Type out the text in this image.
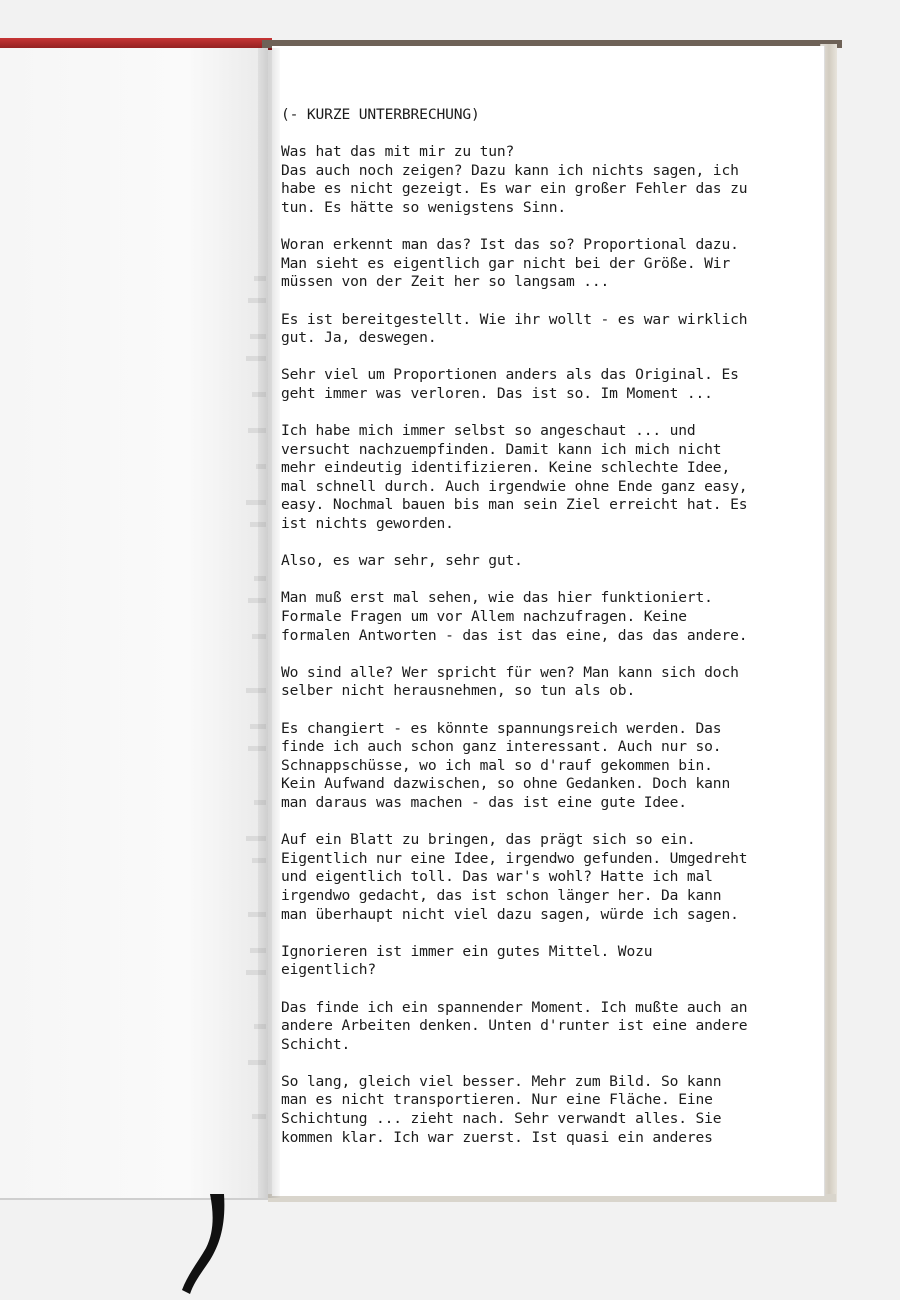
(- KURZE UNTERBRECHUNG)
Was hat das mit mir zu tun?
Das auch noch zeigen? Dazu kann ich nichts sagen, ich
habe es nicht gezeigt. Es war ein großer Fehler das zu
tun. Es hätte so wenigstens Sinn.
Woran erkennt man das? Ist das so? Proportional dazu.
Man sieht es eigentlich gar nicht bei der Größe. Wir
müssen von der Zeit her so langsam ...
Es ist bereitgestellt. Wie ihr wollt - es war wirklich
gut. Ja, deswegen.
Sehr viel um Proportionen anders als das Original. Es
geht immer was verloren. Das ist so. Im Moment ...
Ich habe mich immer selbst so angeschaut ... und
versucht nachzuempfinden. Damit kann ich mich nicht
mehr eindeutig identifizieren. Keine schlechte Idee,
mal schnell durch. Auch irgendwie ohne Ende ganz easy,
easy. Nochmal bauen bis man sein Ziel erreicht hat. Es
ist nichts geworden.
Also, es war sehr, sehr gut.
Man muß erst mal sehen, wie das hier funktioniert.
Formale Fragen um vor Allem nachzufragen. Keine
formalen Antworten - das ist das eine, das das andere.
Wo sind alle? Wer spricht für wen? Man kann sich doch
selber nicht herausnehmen, so tun als ob.
Es changiert - es könnte spannungsreich werden. Das
finde ich auch schon ganz interessant. Auch nur so.
Schnappschüsse, wo ich mal so d'rauf gekommen bin.
Kein Aufwand dazwischen, so ohne Gedanken. Doch kann
man daraus was machen - das ist eine gute Idee.
Auf ein Blatt zu bringen, das prägt sich so ein.
Eigentlich nur eine Idee, irgendwo gefunden. Umgedreht
und eigentlich toll. Das war's wohl? Hatte ich mal
irgendwo gedacht, das ist schon länger her. Da kann
man überhaupt nicht viel dazu sagen, würde ich sagen.
Ignorieren ist immer ein gutes Mittel. Wozu
eigentlich?
Das finde ich ein spannender Moment. Ich mußte auch an
andere Arbeiten denken. Unten d'runter ist eine andere
Schicht.
So lang, gleich viel besser. Mehr zum Bild. So kann
man es nicht transportieren. Nur eine Fläche. Eine
Schichtung ... zieht nach. Sehr verwandt alles. Sie
kommen klar. Ich war zuerst. Ist quasi ein anderes
